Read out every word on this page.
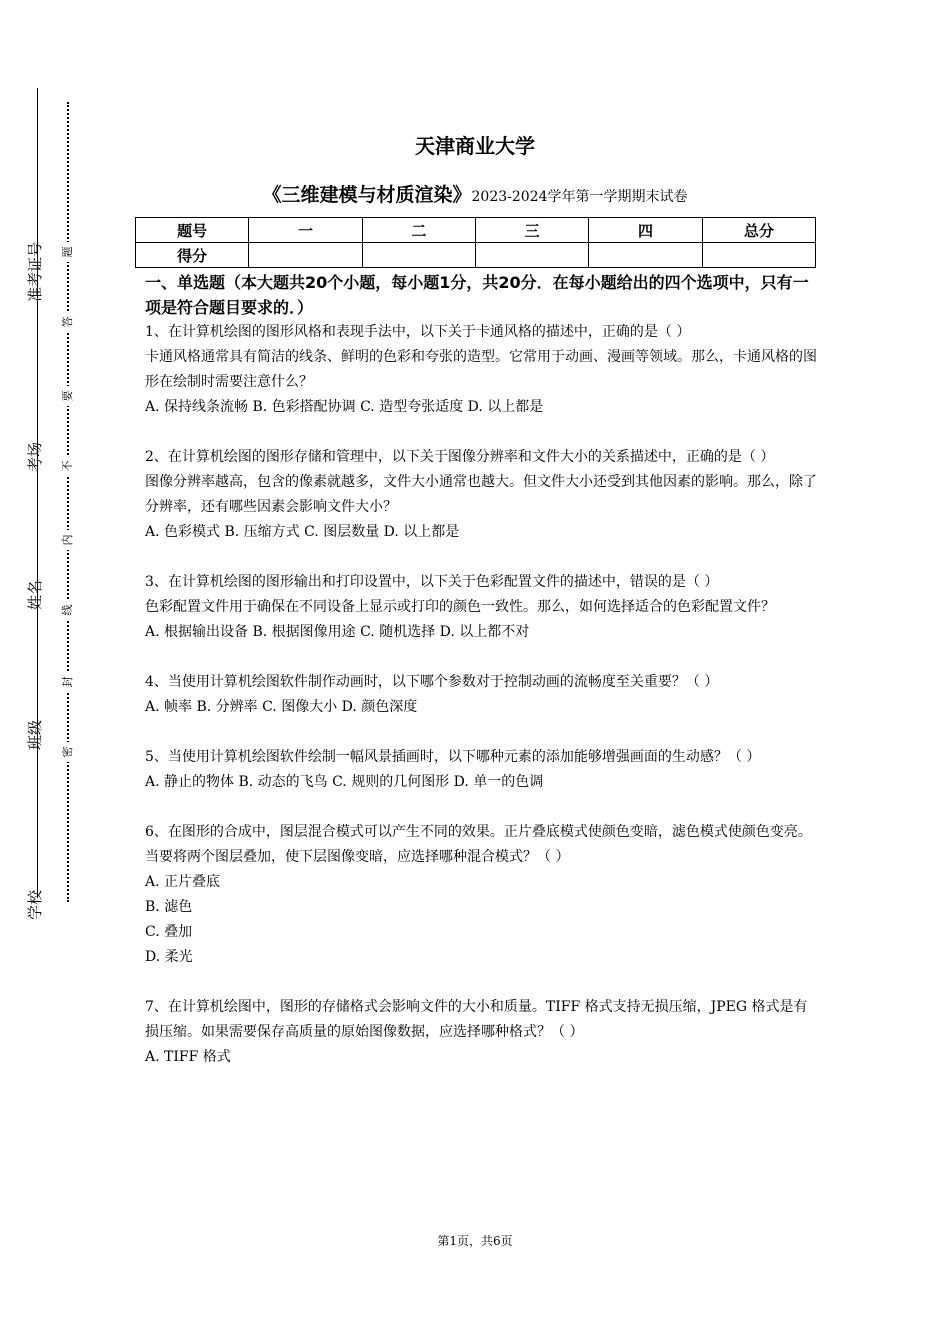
学校
班级
姓名
考场
准考证号
密
封
线
内
不
要
答
题
天津商业大学
《三维建模与材质渲染》2023-2024学年第一学期期末试卷
题号	一	二	三	四	总分
得分					
一、单选题（本大题共20个小题，每小题1分，共20分．在每小题给出的四个选项中，只有一项是符合题目要求的．）

1、在计算机绘图的图形风格和表现手法中，以下关于卡通风格的描述中，正确的是（ ）

卡通风格通常具有简洁的线条、鲜明的色彩和夸张的造型。它常用于动画、漫画等领域。那么，卡通风格的图形在绘制时需要注意什么？

A. 保持线条流畅 B. 色彩搭配协调 C. 造型夸张适度 D. 以上都是

2、在计算机绘图的图形存储和管理中，以下关于图像分辨率和文件大小的关系描述中，正确的是（ ）

图像分辨率越高，包含的像素就越多，文件大小通常也越大。但文件大小还受到其他因素的影响。那么，除了分辨率，还有哪些因素会影响文件大小？

A. 色彩模式 B. 压缩方式 C. 图层数量 D. 以上都是

3、在计算机绘图的图形输出和打印设置中，以下关于色彩配置文件的描述中，错误的是（ ）

色彩配置文件用于确保在不同设备上显示或打印的颜色一致性。那么，如何选择适合的色彩配置文件？

A. 根据输出设备 B. 根据图像用途 C. 随机选择 D. 以上都不对

4、当使用计算机绘图软件制作动画时，以下哪个参数对于控制动画的流畅度至关重要？（ ）

A. 帧率 B. 分辨率 C. 图像大小 D. 颜色深度

5、当使用计算机绘图软件绘制一幅风景插画时，以下哪种元素的添加能够增强画面的生动感？（ ）

A. 静止的物体 B. 动态的飞鸟 C. 规则的几何图形 D. 单一的色调

6、在图形的合成中，图层混合模式可以产生不同的效果。正片叠底模式使颜色变暗，滤色模式使颜色变亮。当要将两个图层叠加，使下层图像变暗，应选择哪种混合模式？（ ）

A. 正片叠底

B. 滤色

C. 叠加

D. 柔光

7、在计算机绘图中，图形的存储格式会影响文件的大小和质量。TIFF 格式支持无损压缩，JPEG 格式是有损压缩。如果需要保存高质量的原始图像数据，应选择哪种格式？（ ）

A. TIFF 格式

第1页，共6页
